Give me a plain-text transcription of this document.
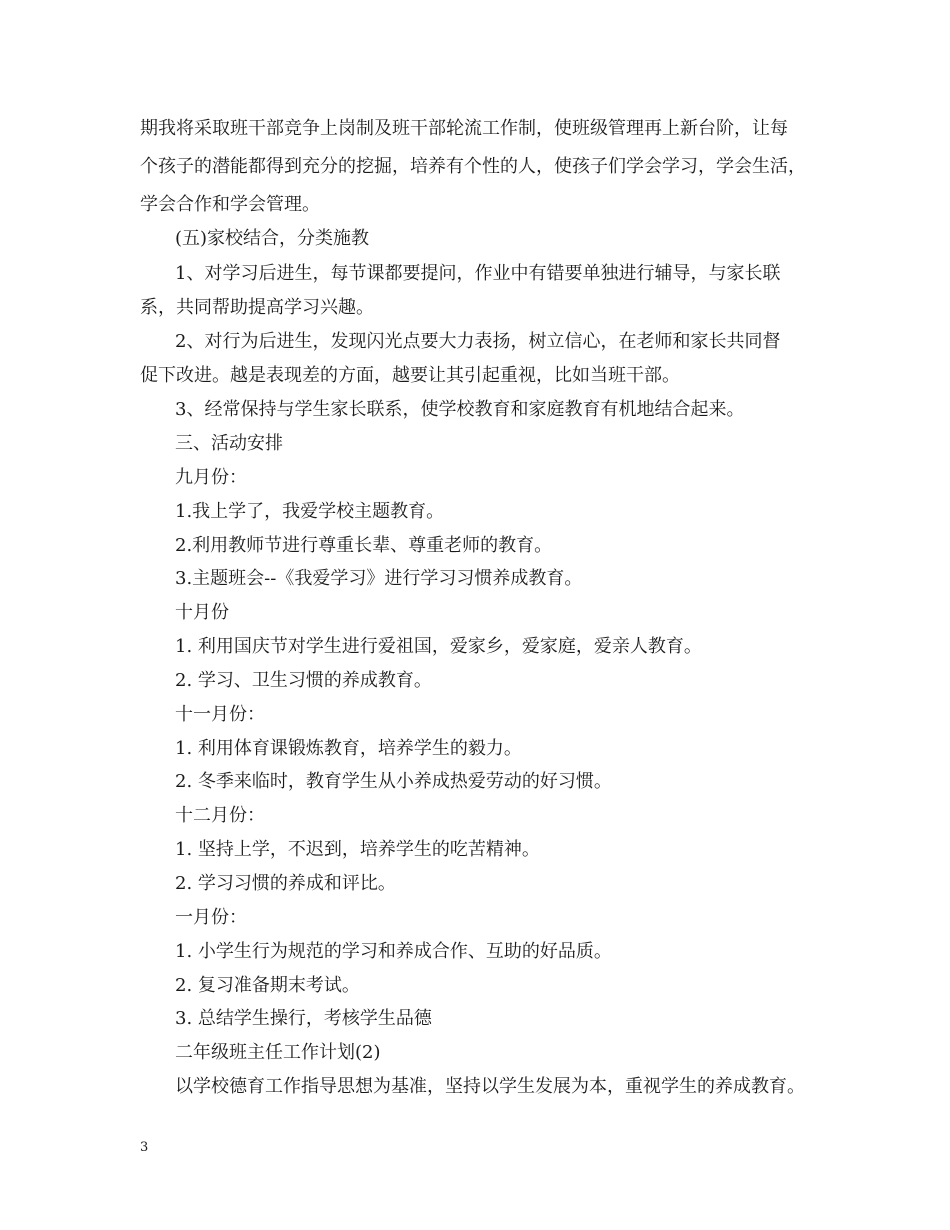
期我将采取班干部竞争上岗制及班干部轮流工作制，使班级管理再上新台阶，让每
个孩子的潜能都得到充分的挖掘，培养有个性的人，使孩子们学会学习，学会生活，
学会合作和学会管理。
(五)家校结合，分类施教
1、对学习后进生，每节课都要提问，作业中有错要单独进行辅导，与家长联
系，共同帮助提高学习兴趣。
2、对行为后进生，发现闪光点要大力表扬，树立信心，在老师和家长共同督
促下改进。越是表现差的方面，越要让其引起重视，比如当班干部。
3、经常保持与学生家长联系，使学校教育和家庭教育有机地结合起来。
三、活动安排
九月份：
1.我上学了，我爱学校主题教育。
2.利用教师节进行尊重长辈、尊重老师的教育。
3.主题班会--《我爱学习》进行学习习惯养成教育。
十月份
1. 利用国庆节对学生进行爱祖国，爱家乡，爱家庭，爱亲人教育。
2. 学习、卫生习惯的养成教育。
十一月份：
1. 利用体育课锻炼教育，培养学生的毅力。
2. 冬季来临时，教育学生从小养成热爱劳动的好习惯。
十二月份：
1. 坚持上学，不迟到，培养学生的吃苦精神。
2. 学习习惯的养成和评比。
一月份：
1. 小学生行为规范的学习和养成合作、互助的好品质。
2. 复习准备期末考试。
3. 总结学生操行，考核学生品德
二年级班主任工作计划(2)
以学校德育工作指导思想为基准，坚持以学生发展为本，重视学生的养成教育。
3
